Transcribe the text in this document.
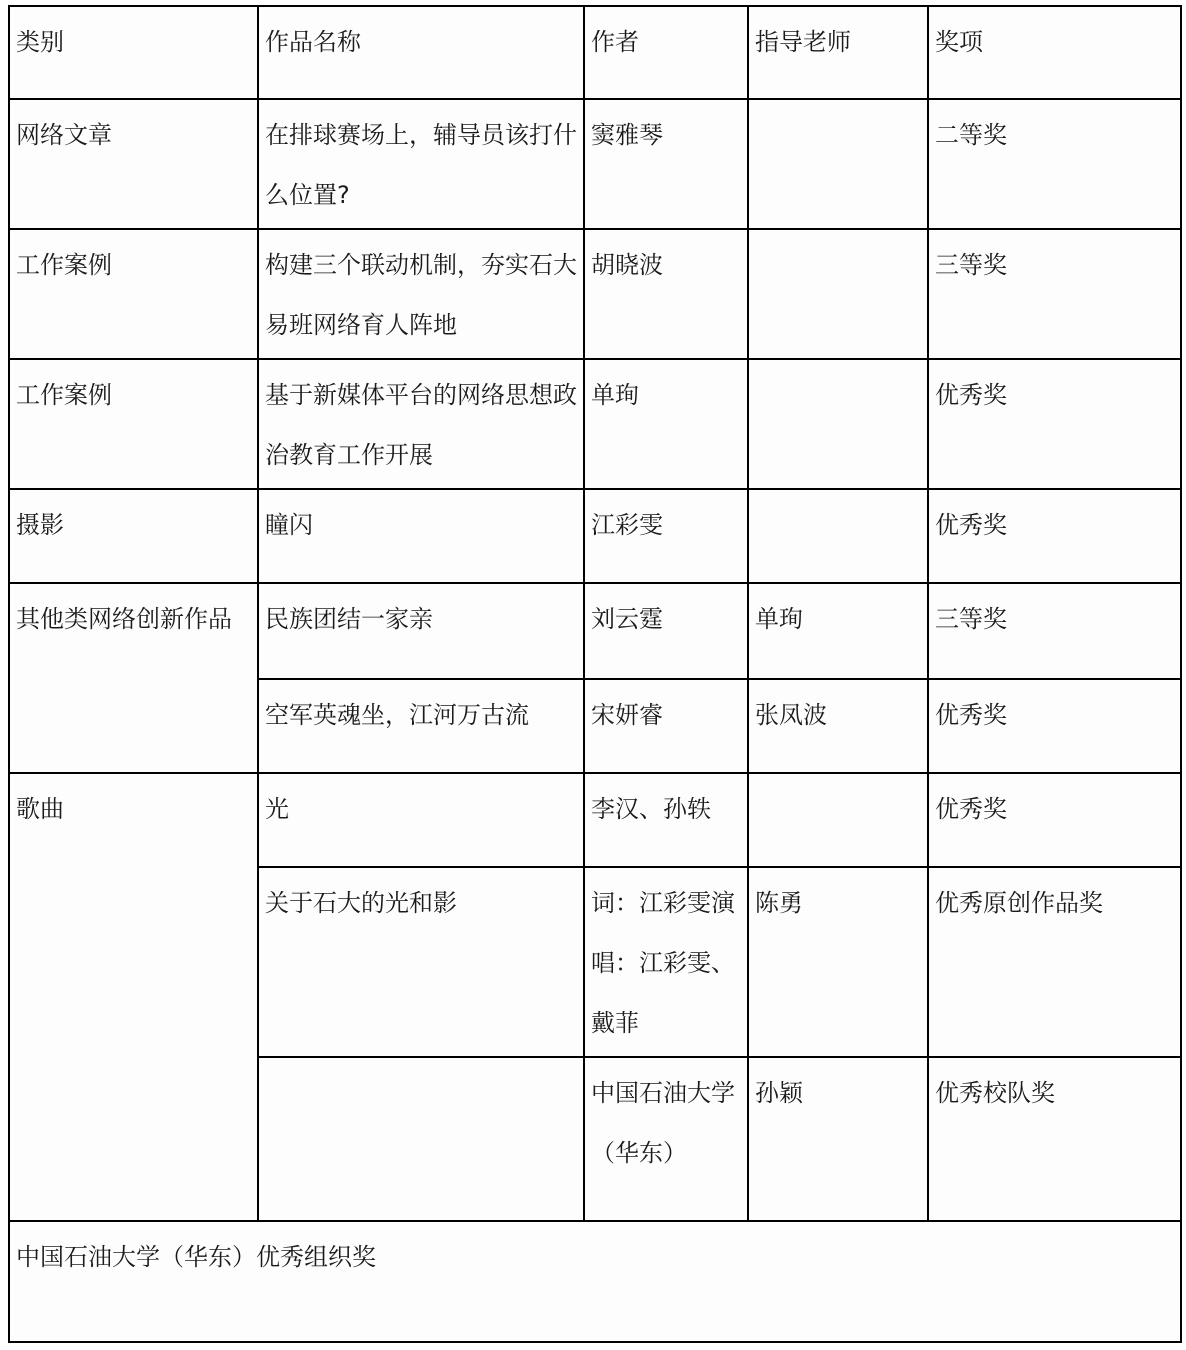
类别	作品名称	作者	指导老师	奖项
网络文章	在排球赛场上，辅导员该打什么位置?	窦雅琴		二等奖
工作案例	构建三个联动机制，夯实石大易班网络育人阵地	胡晓波		三等奖
工作案例	基于新媒体平台的网络思想政治教育工作开展	单珣		优秀奖
摄影	瞳闪	江彩雯		优秀奖
其他类网络创新作品	民族团结一家亲	刘云霆	单珣	三等奖
	空军英魂坐，江河万古流	宋妍睿	张凤波	优秀奖
歌曲	光	李汉、孙轶		优秀奖
	关于石大的光和影	词：江彩雯演唱：江彩雯、戴菲	陈勇	优秀原创作品奖
		中国石油大学（华东）	孙颖	优秀校队奖
中国石油大学（华东）优秀组织奖				
